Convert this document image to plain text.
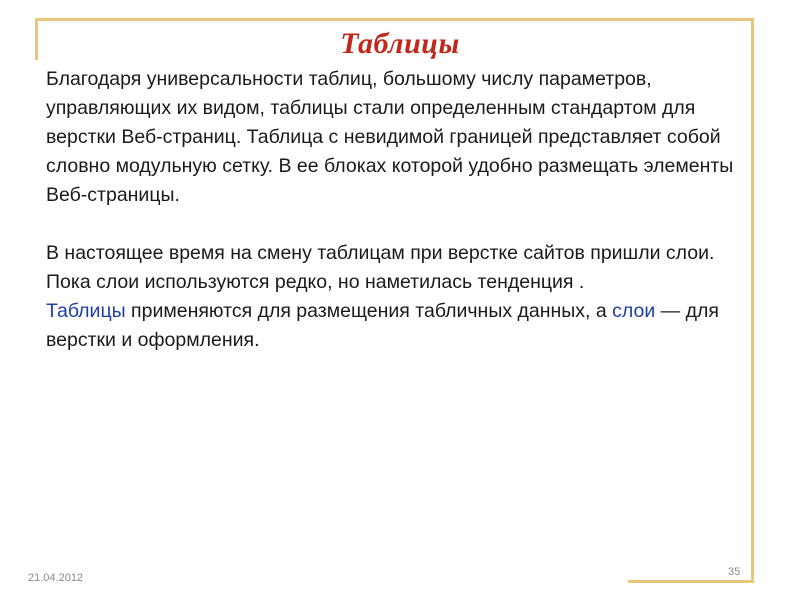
Таблицы

Благодаря универсальности таблиц, большому числу параметров, управляющих их видом, таблицы стали определенным стандартом для верстки Веб-страниц. Таблица с невидимой границей представляет собой словно модульную сетку. В ее блоках которой удобно размещать элементы Веб-страницы.

В настоящее время на смену таблицам при верстке сайтов пришли слои. Пока слои используются редко, но наметилась тенденция .

Таблицы применяются для размещения табличных данных, а слои — для верстки и оформления.

21.04.2012	35
